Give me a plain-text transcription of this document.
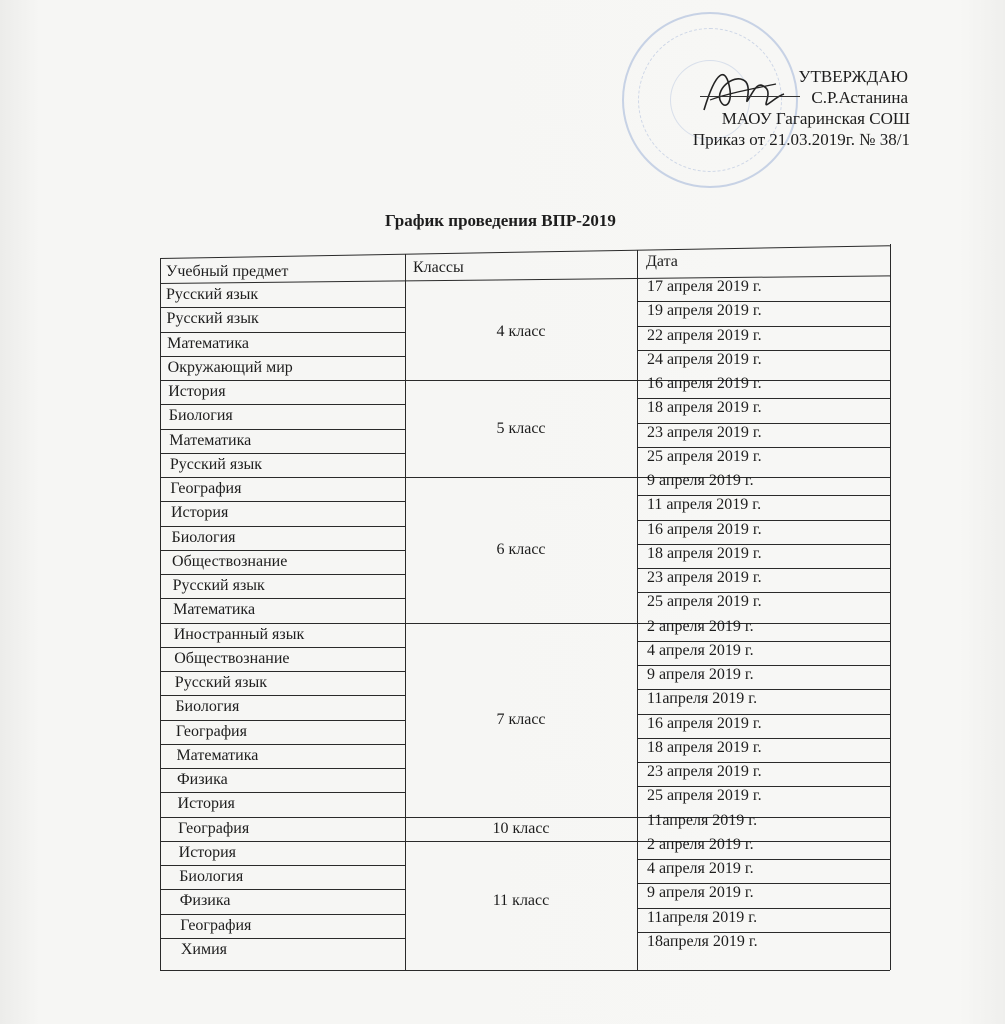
УТВЕРЖДАЮ
С.Р.Астанина
МАОУ Гагаринская СОШ
Приказ от 21.03.2019г. № 38/1
График проведения ВПР-2019
Учебный предмет	Классы	Дата
4 класс
Русский язык	17 апреля 2019 г.
Русский язык	19 апреля 2019 г.
Математика	22 апреля 2019 г.
Окружающий мир	24 апреля 2019 г.
5 класс
История	16 апреля 2019 г.
Биология	18 апреля 2019 г.
Математика	23 апреля 2019 г.
Русский язык	25 апреля 2019 г.
6 класс
География	9 апреля 2019 г.
История	11 апреля 2019 г.
Биология	16 апреля 2019 г.
Обществознание	18 апреля 2019 г.
Русский язык	23 апреля 2019 г.
Математика	25 апреля 2019 г.
7 класс
Иностранный язык	2 апреля 2019 г.
Обществознание	4 апреля 2019 г.
Русский язык	9 апреля 2019 г.
Биология	11апреля 2019 г.
География	16 апреля 2019 г.
Математика	18 апреля 2019 г.
Физика	23 апреля 2019 г.
История	25 апреля 2019 г.
10 класс
География	11апреля 2019 г.
11 класс
История	2 апреля 2019 г.
Биология	4 апреля 2019 г.
Физика	9 апреля 2019 г.
География	11апреля 2019 г.
Химия	18апреля 2019 г.
